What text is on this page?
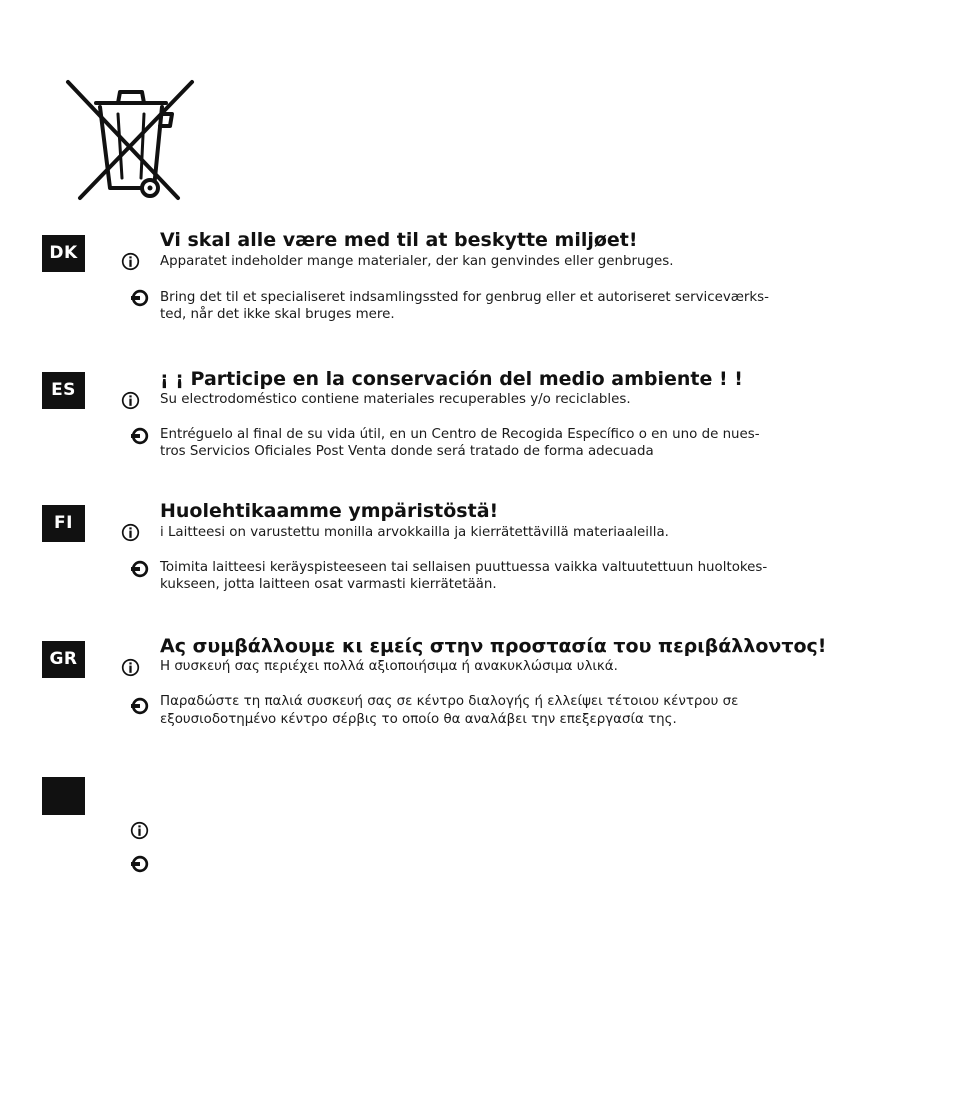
DK
Vi skal alle være med til at beskytte miljøet!
Apparatet indeholder mange materialer, der kan genvindes eller genbruges.
Bring det til et specialiseret indsamlingssted for genbrug eller et autoriseret serviceværks-
ted, når det ikke skal bruges mere.
ES	¡ ¡ Participe en la conservación del medio ambiente ! !
Su electrodoméstico contiene materiales recuperables y/o reciclables.
Entréguelo al final de su vida útil, en un Centro de Recogida Específico o en uno de nues-
tros Servicios Oficiales Post Venta donde será tratado de forma adecuada
FI
Huolehtikaamme ympäristöstä!
i Laitteesi on varustettu monilla arvokkailla ja kierrätettävillä materiaaleilla.
Toimita laitteesi keräyspisteeseen tai sellaisen puuttuessa vaikka valtuutettuun huoltokes-
kukseen, jotta laitteen osat varmasti kierrätetään.
GR
Ας συμβάλλουμε κι εμείς στην προστασία του περιβάλλοντος!
Η συσκευή σας περιέχει πολλά αξιοποιήσιμα ή ανακυκλώσιμα υλικά.
Παραδώστε τη παλιά συσκευή σας σε κέντρο διαλογής ή ελλείψει τέτοιου κέντρου σε
εξουσιοδοτημένο κέντρο σέρβις το οποίο θα αναλάβει την επεξεργασία της.
